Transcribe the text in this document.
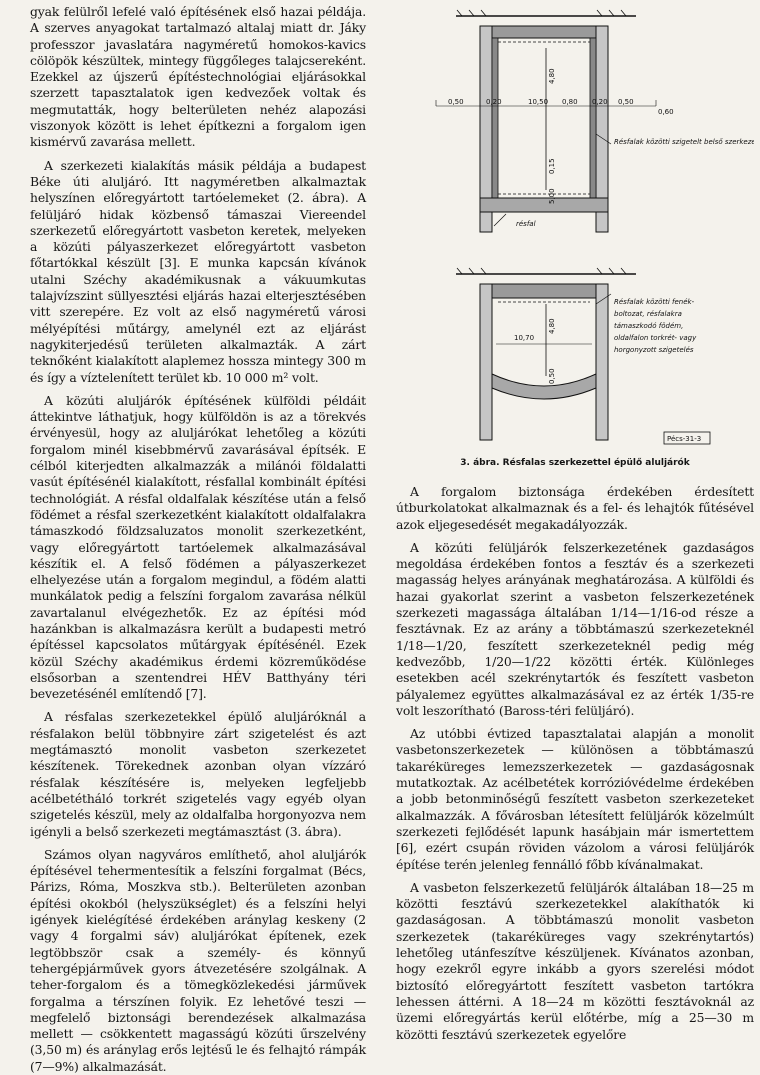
gyak felülről lefelé való építésének első hazai példája. A szerves anyagokat tartalmazó altalaj miatt dr. Jáky professzor javaslatára nagyméretű homokos-kavics cölöpök készültek, mintegy függőleges talajcsereként. Ezekkel az újszerű építéstechnológiai eljárásokkal szerzett tapasztalatok igen kedvezőek voltak és megmutatták, hogy belterületen nehéz alapozási viszonyok között is lehet építkezni a forgalom igen kismérvű zavarása mellett.

A szerkezeti kialakítás másik példája a budapest Béke úti aluljáró. Itt nagyméretben alkalmaztak helyszínen előregyártott tartóelemeket (2. ábra). A felüljáró hidak közbenső támaszai Viereendel szerkezetű előregyártott vasbeton keretek, melyeken a közúti pályaszerkezet előregyártott vasbeton főtartókkal készült [3]. E munka kapcsán kívánok utalni Széchy akadémikusnak a vákuumkutas talajvízszint süllyesztési eljárás hazai elterjesztésében vitt szerepére. Ez volt az első nagyméretű városi mélyépítési műtárgy, amelynél ezt az eljárást nagykiterjedésű területen alkalmazták. A zárt teknőként kialakított alaplemez hossza mintegy 300 m és így a víztelenített terület kb. 10 000 m² volt.

A közúti aluljárók építésének külföldi példáit áttekintve láthatjuk, hogy külföldön is az a törekvés érvényesül, hogy az aluljárókat lehetőleg a közúti forgalom minél kisebbmérvű zavarásával építsék. E célból kiterjedten alkalmazzák a milánói földalatti vasút építésénél kialakított, résfallal kombinált építési technológiát. A résfal oldalfalak készítése után a felső födémet a résfal szerkezetként kialakított oldalfalakra támaszkodó földzsaluzatos monolit szerkezetként, vagy előregyártott tartóelemek alkalmazásával készítik el. A felső födémen a pályaszerkezet elhelyezése után a forgalom megindul, a födém alatti munkálatok pedig a felszíni forgalom zavarása nélkül zavartalanul elvégezhetők. Ez az építési mód hazánkban is alkalmazásra került a budapesti metró építéssel kapcsolatos műtárgyak építésénél. Ezek közül Széchy akadémikus érdemi közreműködése elsősorban a szentendrei HÉV Batthyány téri bevezetésénél említendő [7].

A résfalas szerkezetekkel épülő aluljáróknál a résfalakon belül többnyire zárt szigetelést és azt megtámasztó monolit vasbeton szerkezetet készítenek. Törekednek azonban olyan vízzáró résfalak készítésére is, melyeken legfeljebb acélbetétháló torkrét szigetelés vagy egyéb olyan szigetelés készül, mely az oldalfalba horgonyozva nem igényli a belső szerkezeti megtámasztást (3. ábra).

Számos olyan nagyváros említhető, ahol aluljárók építésével tehermentesítik a felszíni forgalmat (Bécs, Párizs, Róma, Moszkva stb.). Belterületen azonban építési okokból (helyszükséglet) és a felszíni helyi igények kielégítésé érdekében aránylag keskeny (2 vagy 4 forgalmi sáv) aluljárókat építenek, ezek legtöbbször csak a személy- és könnyű tehergépjárművek gyors átvezetésére szolgálnak. A teher-forgalom és a tömegközlekedési járművek forgalma a térszínen folyik. Ez lehetővé teszi — megfelelő biztonsági berendezések alkalmazása mellett — csökkentett magasságú közúti űrszelvény (3,50 m) és aránylag erős lejtésű le és felhajtó rámpák (7—9%) alkalmazását.

0,50	0,20	10,50 0,80 0,20 0,50
0,60
4,80
0,15
5,00
Résfalak közötti szigetelt belső szerkezet
résfal
10,70
4,80
0,50
Résfalak közötti fenék- boltozat, résfalakra támaszkodó födém, oldalfalon torkrét- vagy horgonyzott szigetelés
Pécs-31-3
3. ábra. Résfalas szerkezettel épülő aluljárók

A forgalom biztonsága érdekében érdesített útburkolatokat alkalmaznak és a fel- és lehajtók fűtésével azok eljegesedését megakadályozzák.

A közúti felüljárók felszerkezetének gazdaságos megoldása érdekében fontos a fesztáv és a szerkezeti magasság helyes arányának meghatározása. A külföldi és hazai gyakorlat szerint a vasbeton felszerkezetének szerkezeti magassága általában 1/14—1/16-od része a fesztávnak. Ez az arány a többtámaszú szerkezeteknél 1/18—1/20, feszített szerkezeteknél pedig még kedvezőbb, 1/20—1/22 közötti érték. Különleges esetekben acél szekrénytartók és feszített vasbeton pályalemez együttes alkalmazásával ez az érték 1/35-re volt leszorítható (Baross-téri felüljáró).

Az utóbbi évtized tapasztalatai alapján a monolit vasbetonszerkezetek — különösen a többtámaszú takaréküreges lemezszerkezetek — gazdaságosnak mutatkoztak. Az acélbetétek korrózióvédelme érdekében a jobb betonminőségű feszített vasbeton szerkezeteket alkalmazzák. A fővárosban létesített felüljárók közelmúlt szerkezeti fejlődését lapunk hasábjain már ismertettem [6], ezért csupán röviden vázolom a városi felüljárók építése terén jelenleg fennálló főbb kívánalmakat.

A vasbeton felszerkezetű felüljárók általában 18—25 m közötti fesztávú szerkezetekkel alakíthatók ki gazdaságosan. A többtámaszú monolit vasbeton szerkezetek (takaréküreges vagy szekrénytartós) lehetőleg utánfeszítve készüljenek. Kívánatos azonban, hogy ezekről egyre inkább a gyors szerelési módot biztosító előregyártott feszített vasbeton tartókra lehessen áttérni. A 18—24 m közötti fesztávoknál az üzemi előregyártás kerül előtérbe, míg a 25—30 m közötti fesztávú szerkezetek egyelőre
